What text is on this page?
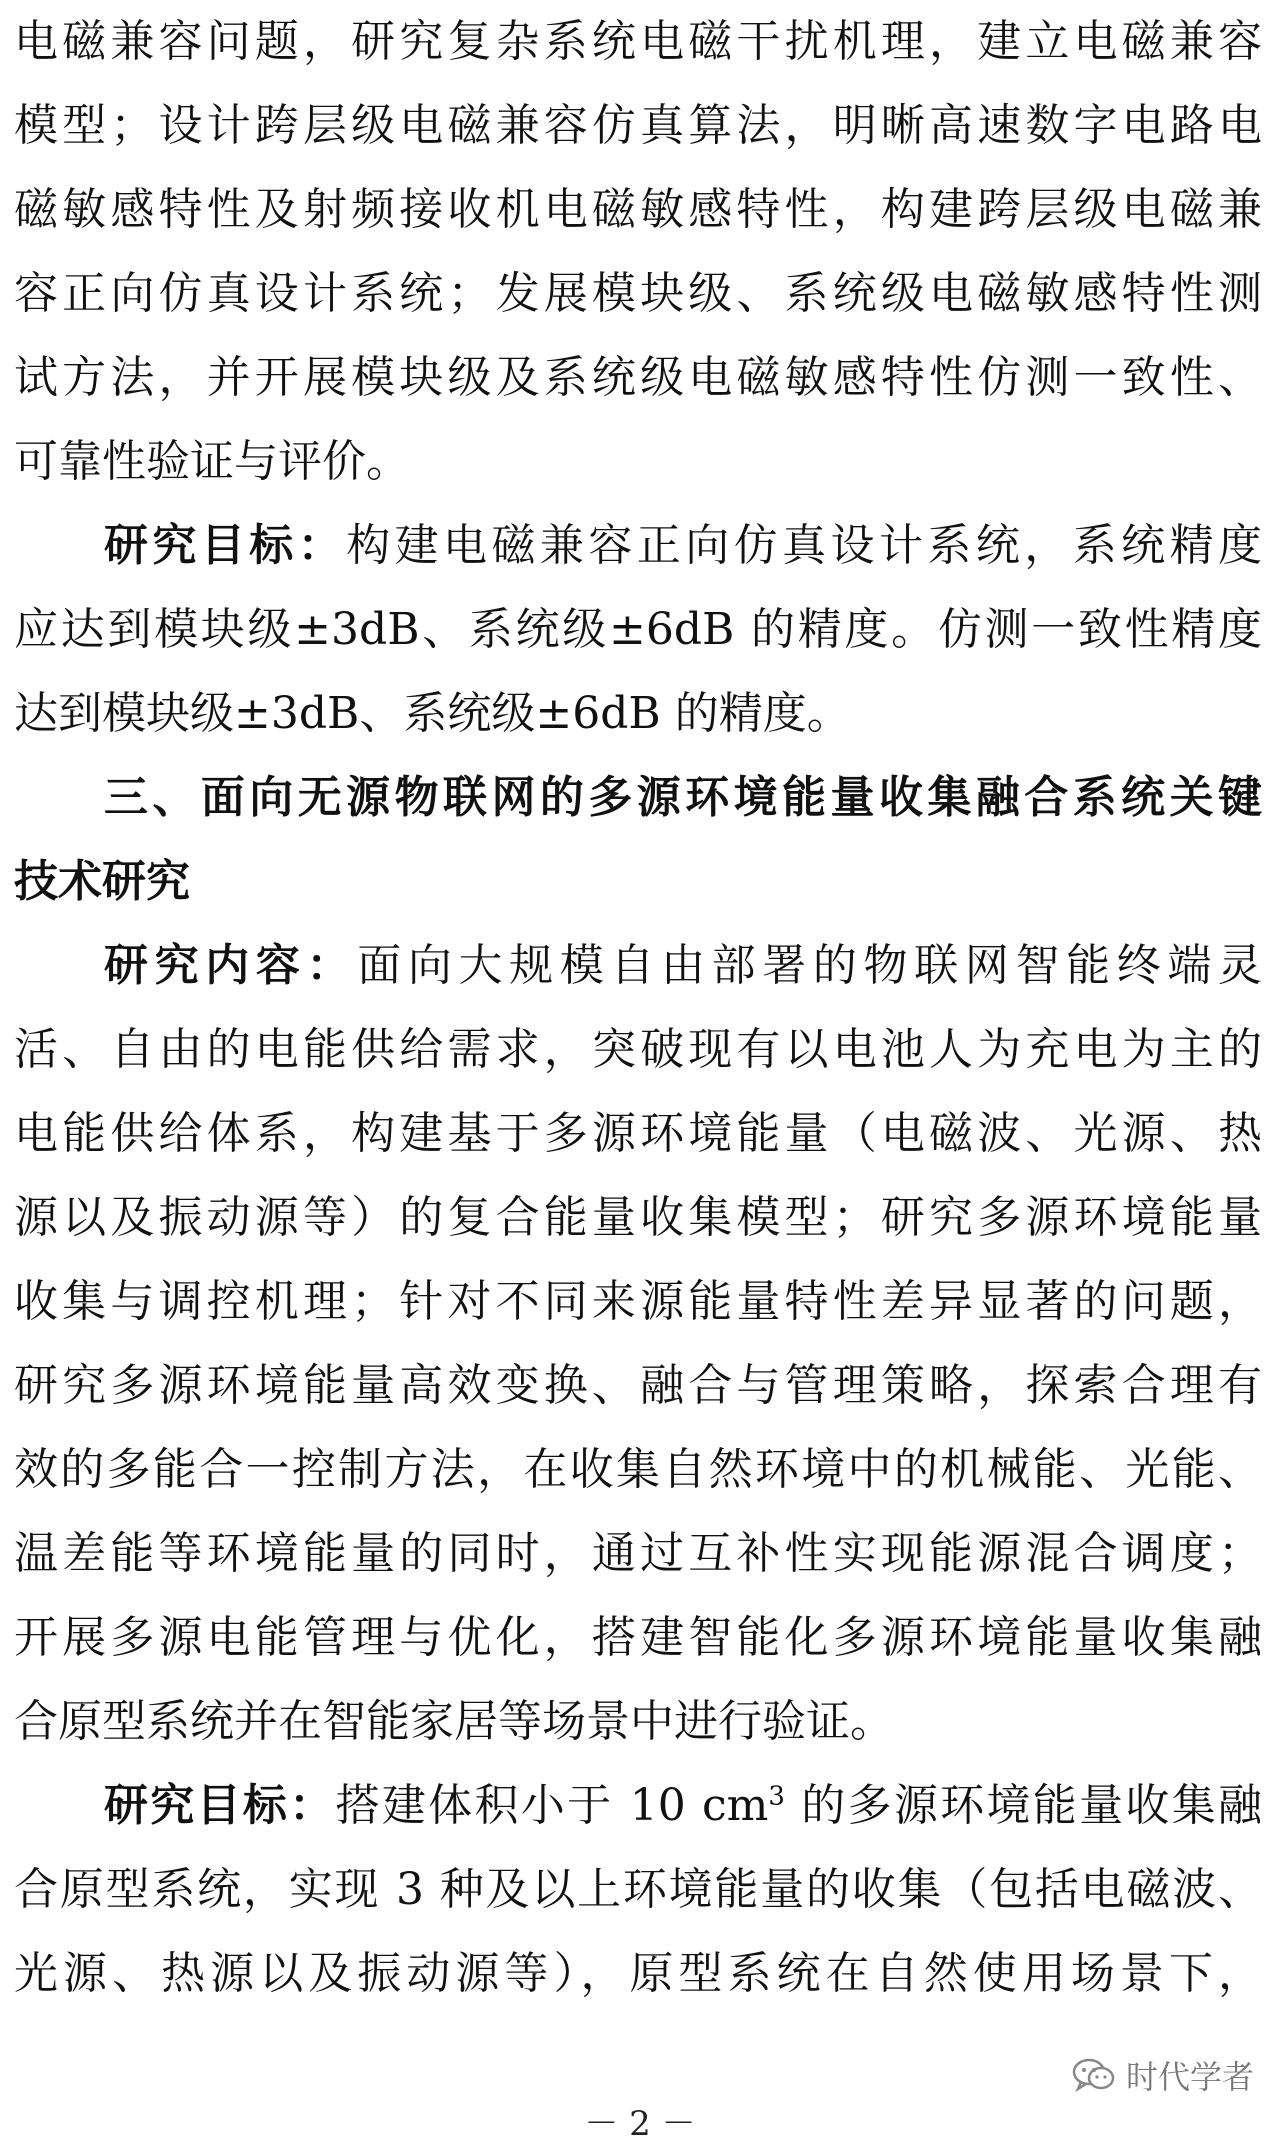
电磁兼容问题，研究复杂系统电磁干扰机理，建立电磁兼容
模型；设计跨层级电磁兼容仿真算法，明晰高速数字电路电
磁敏感特性及射频接收机电磁敏感特性，构建跨层级电磁兼
容正向仿真设计系统；发展模块级、系统级电磁敏感特性测
试方法，并开展模块级及系统级电磁敏感特性仿测一致性、
可靠性验证与评价。
研究目标：构建电磁兼容正向仿真设计系统，系统精度
应达到模块级±3dB、系统级±6dB 的精度。仿测一致性精度
达到模块级±3dB、系统级±6dB 的精度。
三、面向无源物联网的多源环境能量收集融合系统关键
技术研究
研究内容：面向大规模自由部署的物联网智能终端灵
活、自由的电能供给需求，突破现有以电池人为充电为主的
电能供给体系，构建基于多源环境能量（电磁波、光源、热
源以及振动源等）的复合能量收集模型；研究多源环境能量
收集与调控机理；针对不同来源能量特性差异显著的问题，
研究多源环境能量高效变换、融合与管理策略，探索合理有
效的多能合一控制方法，在收集自然环境中的机械能、光能、
温差能等环境能量的同时，通过互补性实现能源混合调度；
开展多源电能管理与优化，搭建智能化多源环境能量收集融
合原型系统并在智能家居等场景中进行验证。
研究目标：搭建体积小于 10 $cm^3$ 的多源环境能量收集融
合原型系统，实现 3 种及以上环境能量的收集（包括电磁波、
光源、热源以及振动源等），原型系统在自然使用场景下，
时代学者
－ 2 －
